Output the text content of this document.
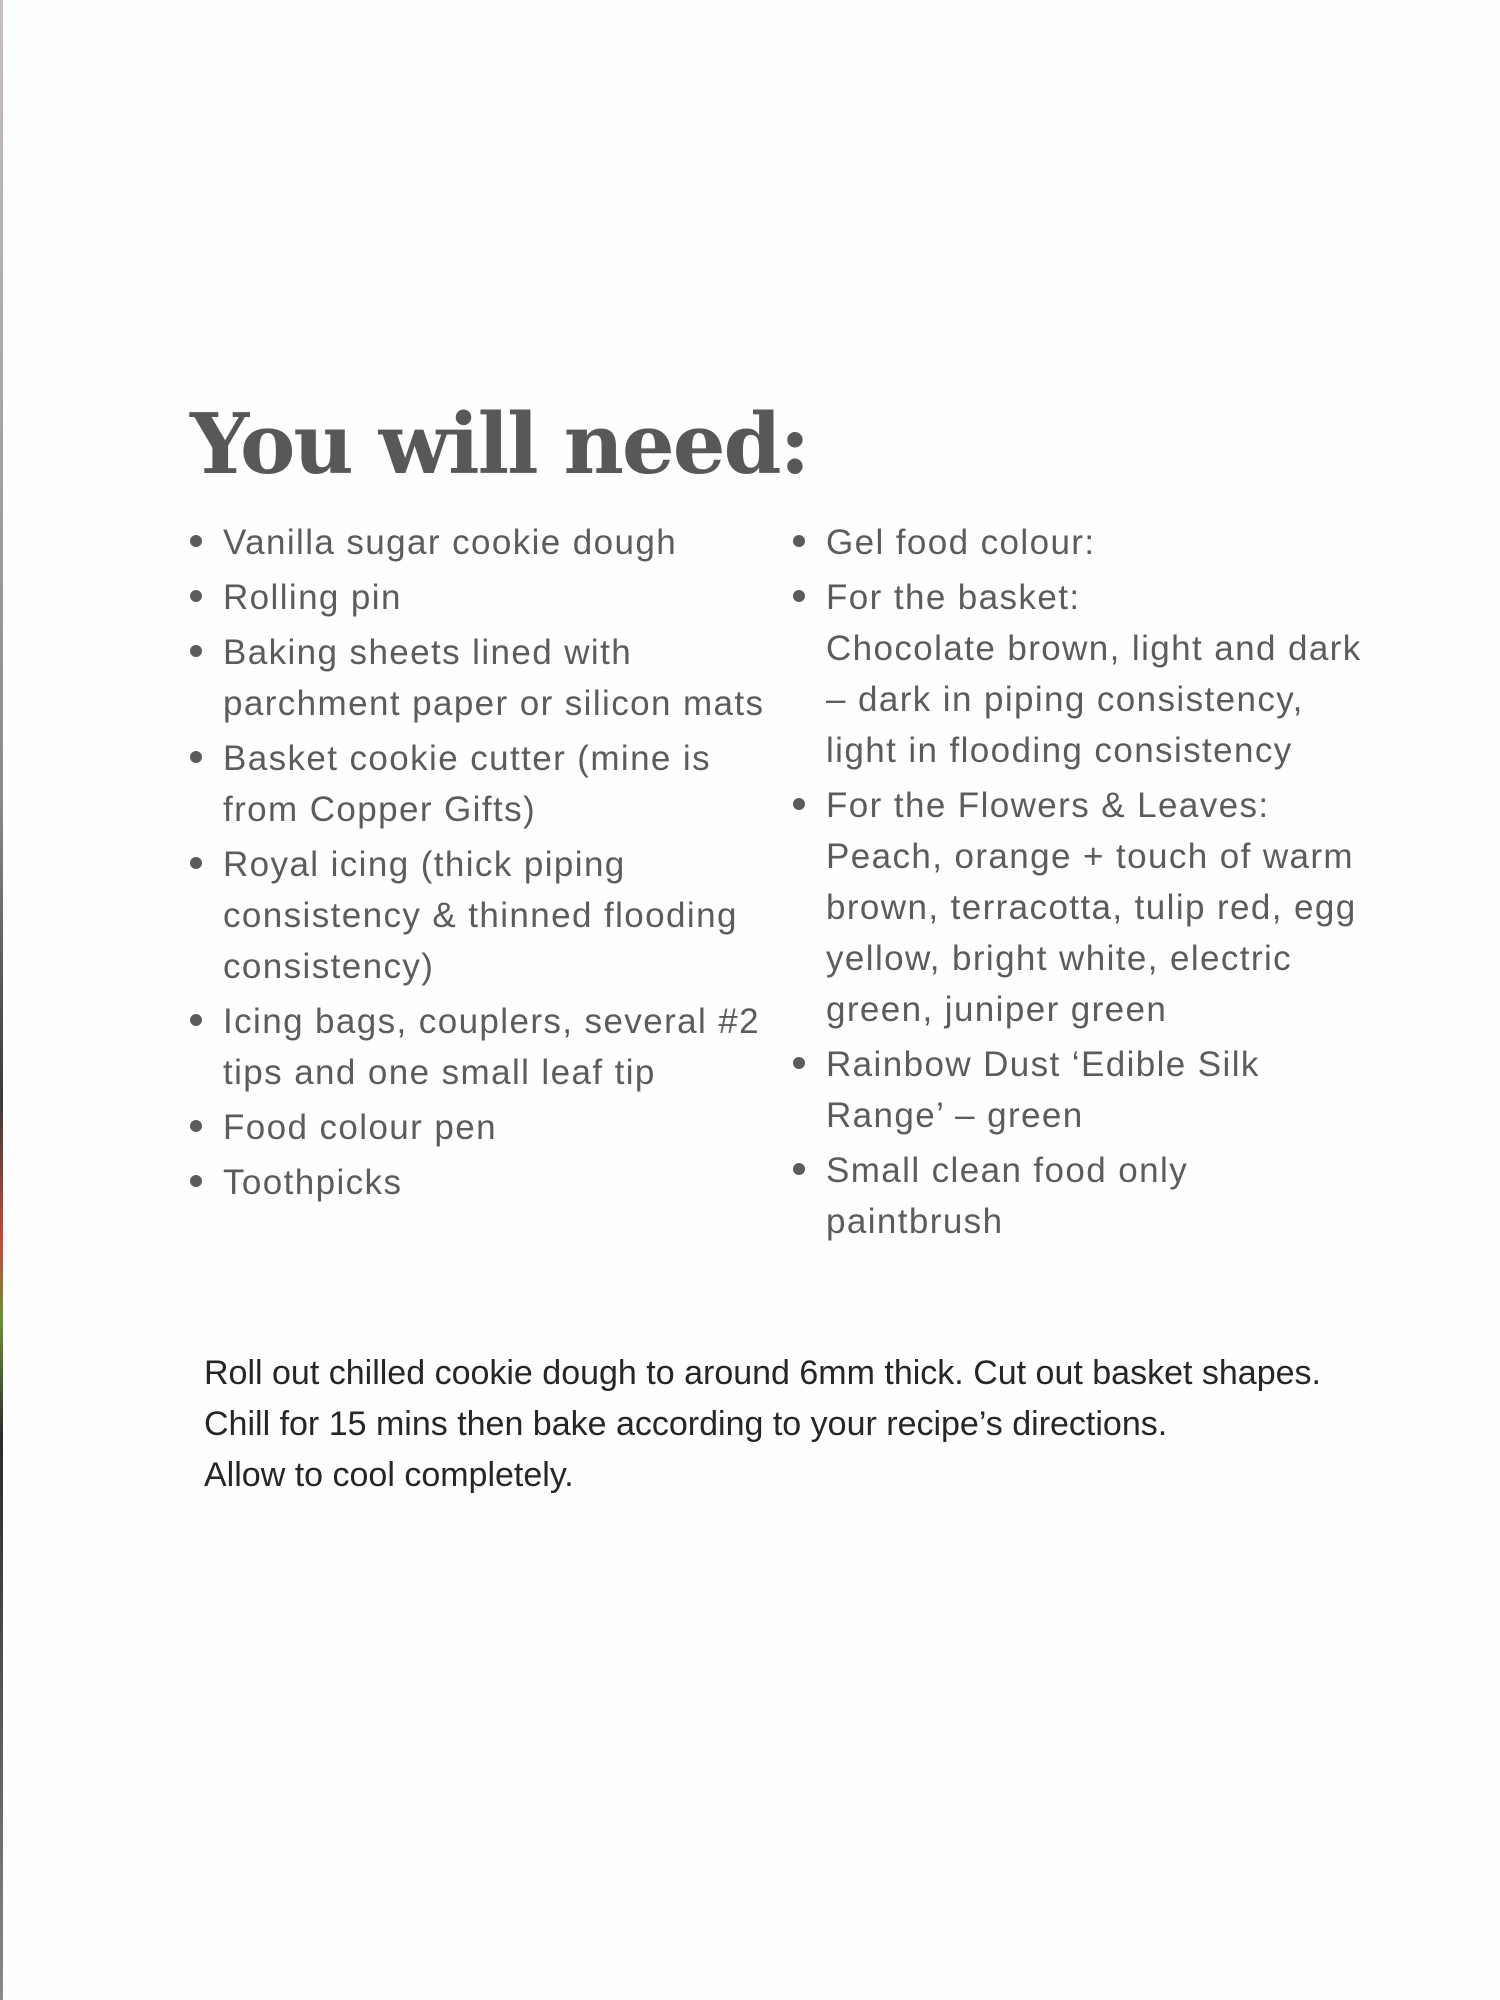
You will need:
Vanilla sugar cookie dough
Rolling pin
Baking sheets lined with
parchment paper or silicon mats
Basket cookie cutter (mine is
from Copper Gifts)
Royal icing (thick piping
consistency & thinned flooding
consistency)
Icing bags, couplers, several #2
tips and one small leaf tip
Food colour pen
Toothpicks
Gel food colour:
For the basket:
Chocolate brown, light and dark
– dark in piping consistency,
light in flooding consistency
For the Flowers & Leaves:
Peach, orange + touch of warm
brown, terracotta, tulip red, egg
yellow, bright white, electric
green, juniper green
Rainbow Dust ‘Edible Silk
Range’ – green
Small clean food only
paintbrush

Roll out chilled cookie dough to around 6mm thick. Cut out basket shapes.
Chill for 15 mins then bake according to your recipe’s directions.
Allow to cool completely.
